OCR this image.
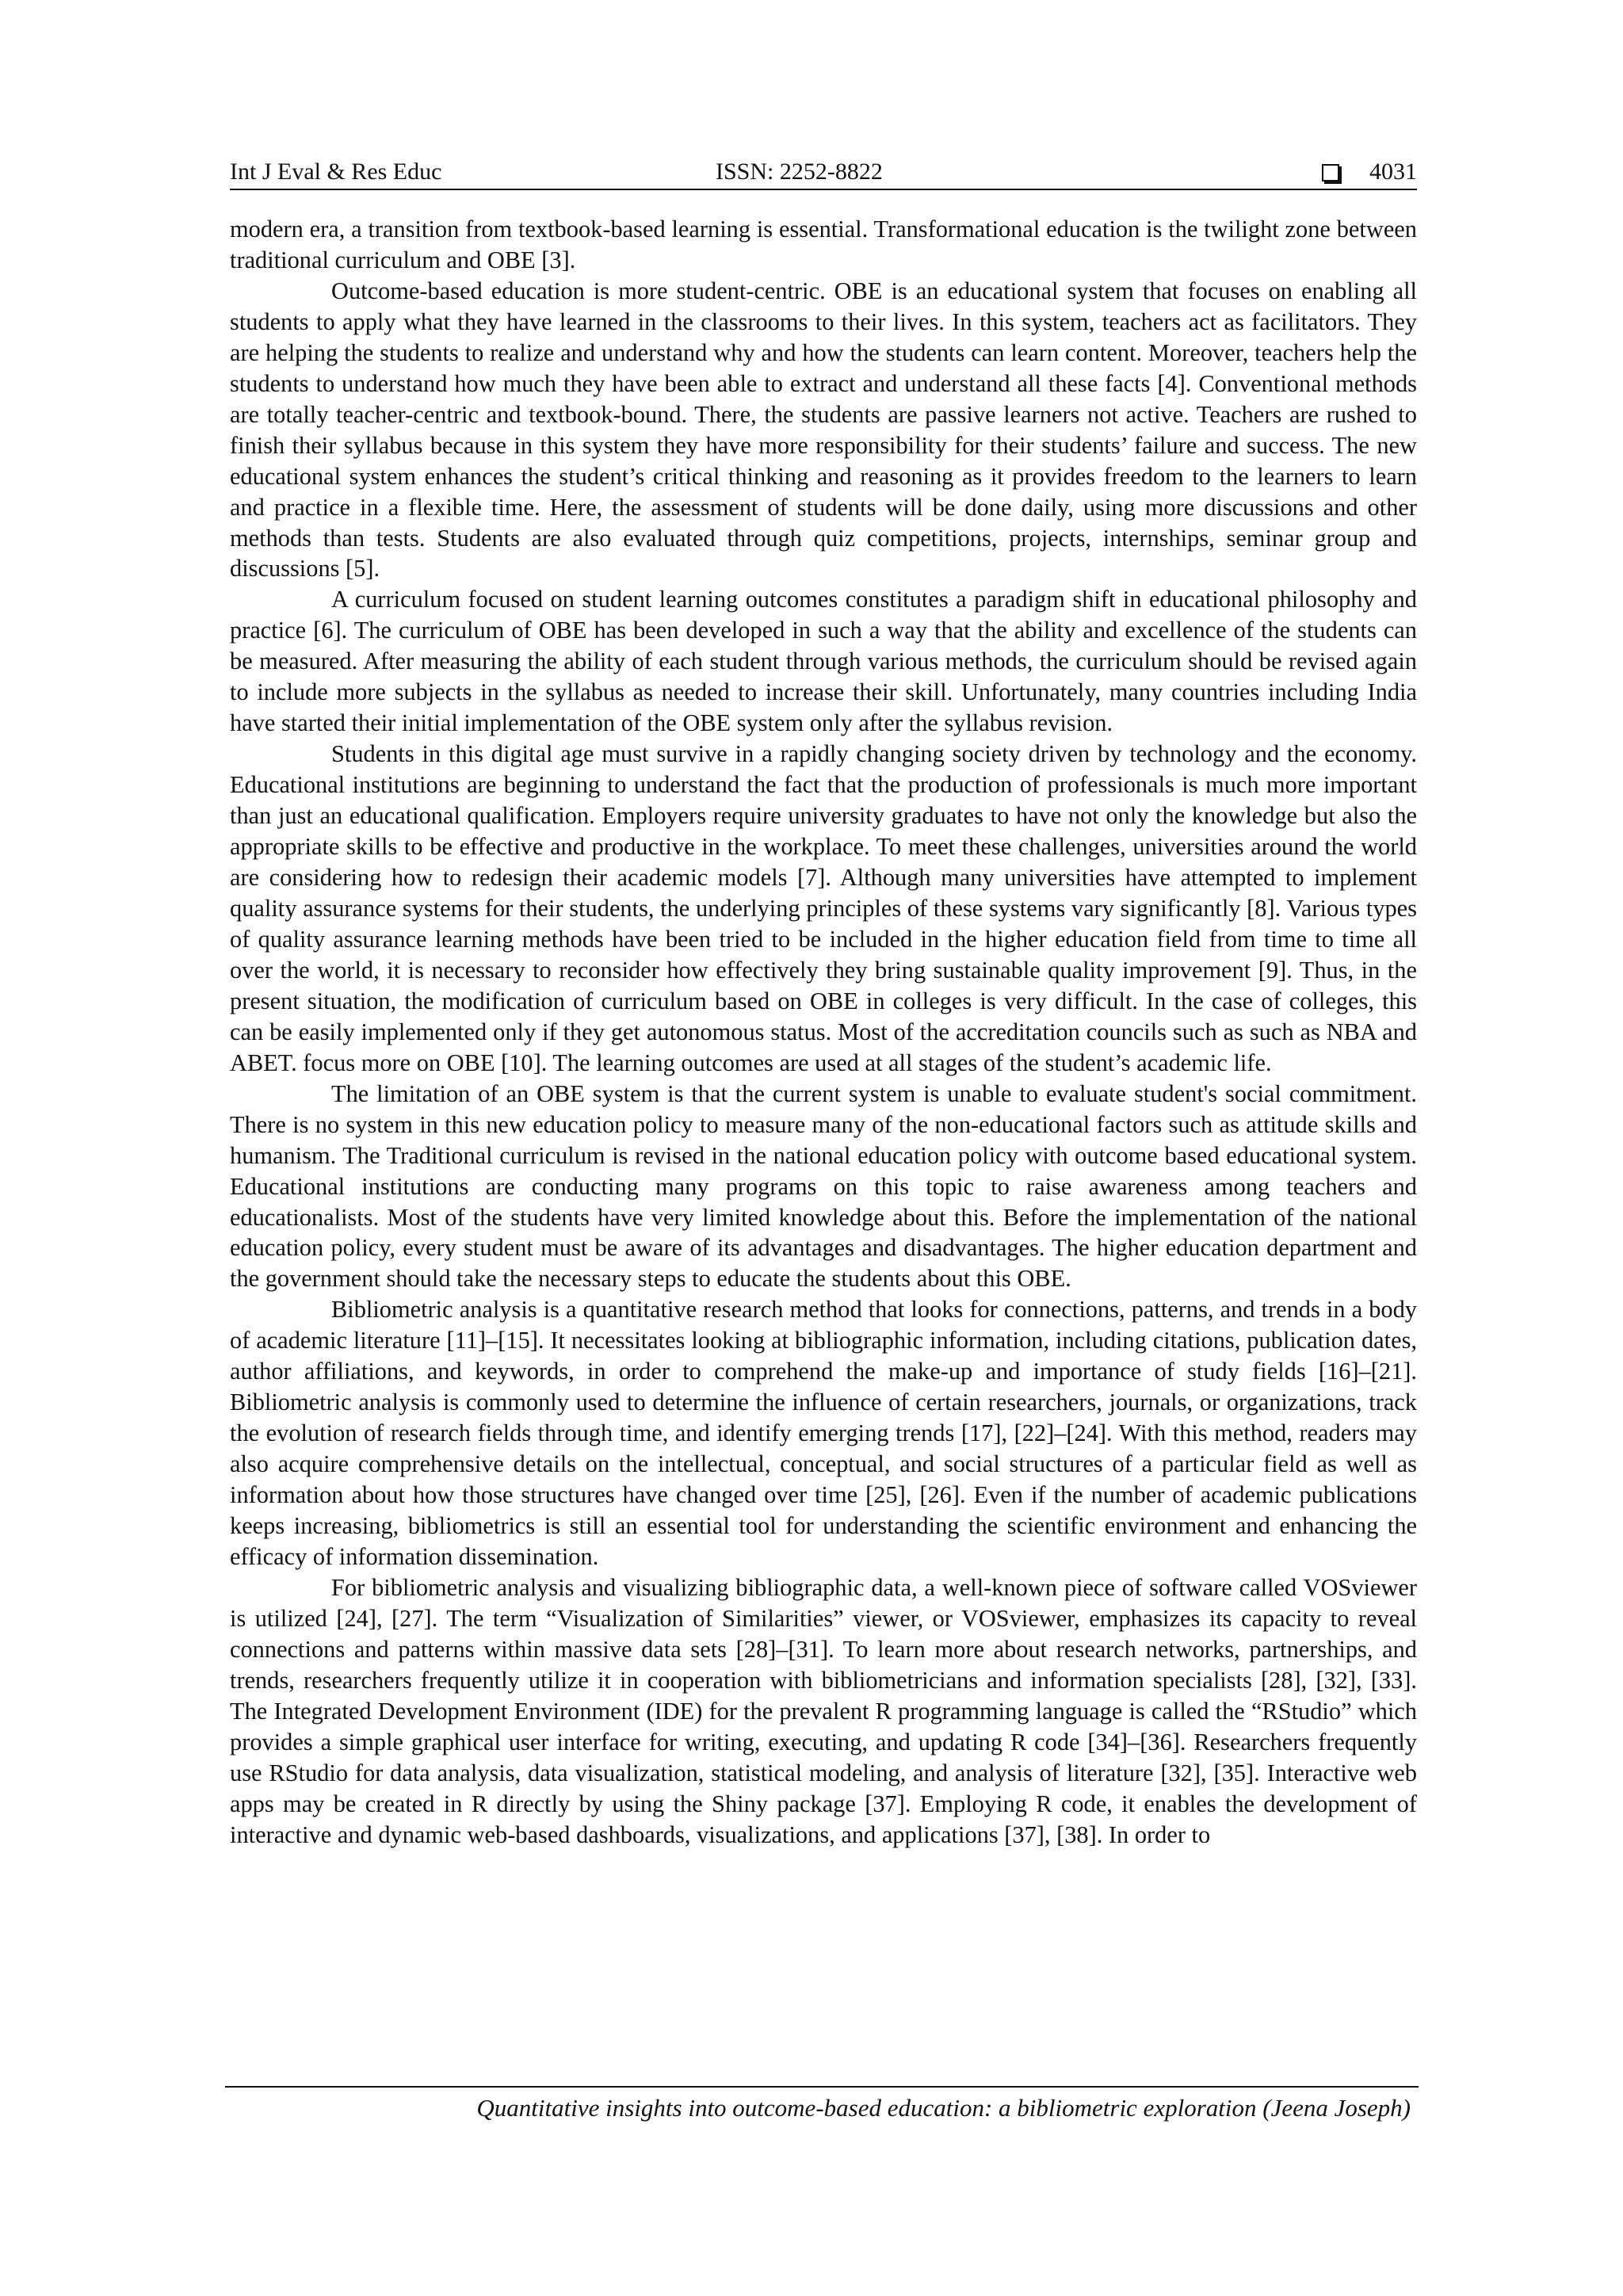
Int J Eval & Res Educ	ISSN: 2252-8822	4031

modern era, a transition from textbook-based learning is essential. Transformational education is the twilight zone between traditional curriculum and OBE [3].

Outcome-based education is more student-centric. OBE is an educational system that focuses on enabling all students to apply what they have learned in the classrooms to their lives. In this system, teachers act as facilitators. They are helping the students to realize and understand why and how the students can learn content. Moreover, teachers help the students to understand how much they have been able to extract and understand all these facts [4]. Conventional methods are totally teacher-centric and textbook-bound. There, the students are passive learners not active. Teachers are rushed to finish their syllabus because in this system they have more responsibility for their students’ failure and success. The new educational system enhances the student’s critical thinking and reasoning as it provides freedom to the learners to learn and practice in a flexible time. Here, the assessment of students will be done daily, using more discussions and other methods than tests. Students are also evaluated through quiz competitions, projects, internships, seminar group and discussions [5].

A curriculum focused on student learning outcomes constitutes a paradigm shift in educational philosophy and practice [6]. The curriculum of OBE has been developed in such a way that the ability and excellence of the students can be measured. After measuring the ability of each student through various methods, the curriculum should be revised again to include more subjects in the syllabus as needed to increase their skill. Unfortunately, many countries including India have started their initial implementation of the OBE system only after the syllabus revision.

Students in this digital age must survive in a rapidly changing society driven by technology and the economy. Educational institutions are beginning to understand the fact that the production of professionals is much more important than just an educational qualification. Employers require university graduates to have not only the knowledge but also the appropriate skills to be effective and productive in the workplace. To meet these challenges, universities around the world are considering how to redesign their academic models [7]. Although many universities have attempted to implement quality assurance systems for their students, the underlying principles of these systems vary significantly [8]. Various types of quality assurance learning methods have been tried to be included in the higher education field from time to time all over the world, it is necessary to reconsider how effectively they bring sustainable quality improvement [9]. Thus, in the present situation, the modification of curriculum based on OBE in colleges is very difficult. In the case of colleges, this can be easily implemented only if they get autonomous status. Most of the accreditation councils such as such as NBA and ABET. focus more on OBE [10]. The learning outcomes are used at all stages of the student’s academic life.

The limitation of an OBE system is that the current system is unable to evaluate student's social commitment. There is no system in this new education policy to measure many of the non-educational factors such as attitude skills and humanism. The Traditional curriculum is revised in the national education policy with outcome based educational system. Educational institutions are conducting many programs on this topic to raise awareness among teachers and educationalists. Most of the students have very limited knowledge about this. Before the implementation of the national education policy, every student must be aware of its advantages and disadvantages. The higher education department and the government should take the necessary steps to educate the students about this OBE.

Bibliometric analysis is a quantitative research method that looks for connections, patterns, and trends in a body of academic literature [11]–[15]. It necessitates looking at bibliographic information, including citations, publication dates, author affiliations, and keywords, in order to comprehend the make-up and importance of study fields [16]–[21]. Bibliometric analysis is commonly used to determine the influence of certain researchers, journals, or organizations, track the evolution of research fields through time, and identify emerging trends [17], [22]–[24]. With this method, readers may also acquire comprehensive details on the intellectual, conceptual, and social structures of a particular field as well as information about how those structures have changed over time [25], [26]. Even if the number of academic publications keeps increasing, bibliometrics is still an essential tool for understanding the scientific environment and enhancing the efficacy of information dissemination.

For bibliometric analysis and visualizing bibliographic data, a well-known piece of software called VOSviewer is utilized [24], [27]. The term “Visualization of Similarities” viewer, or VOSviewer, emphasizes its capacity to reveal connections and patterns within massive data sets [28]–[31]. To learn more about research networks, partnerships, and trends, researchers frequently utilize it in cooperation with bibliometricians and information specialists [28], [32], [33]. The Integrated Development Environment (IDE) for the prevalent R programming language is called the “RStudio” which provides a simple graphical user interface for writing, executing, and updating R code [34]–[36]. Researchers frequently use RStudio for data analysis, data visualization, statistical modeling, and analysis of literature [32], [35]. Interactive web apps may be created in R directly by using the Shiny package [37]. Employing R code, it enables the development of interactive and dynamic web-based dashboards, visualizations, and applications [37], [38]. In order to

Quantitative insights into outcome-based education: a bibliometric exploration (Jeena Joseph)
